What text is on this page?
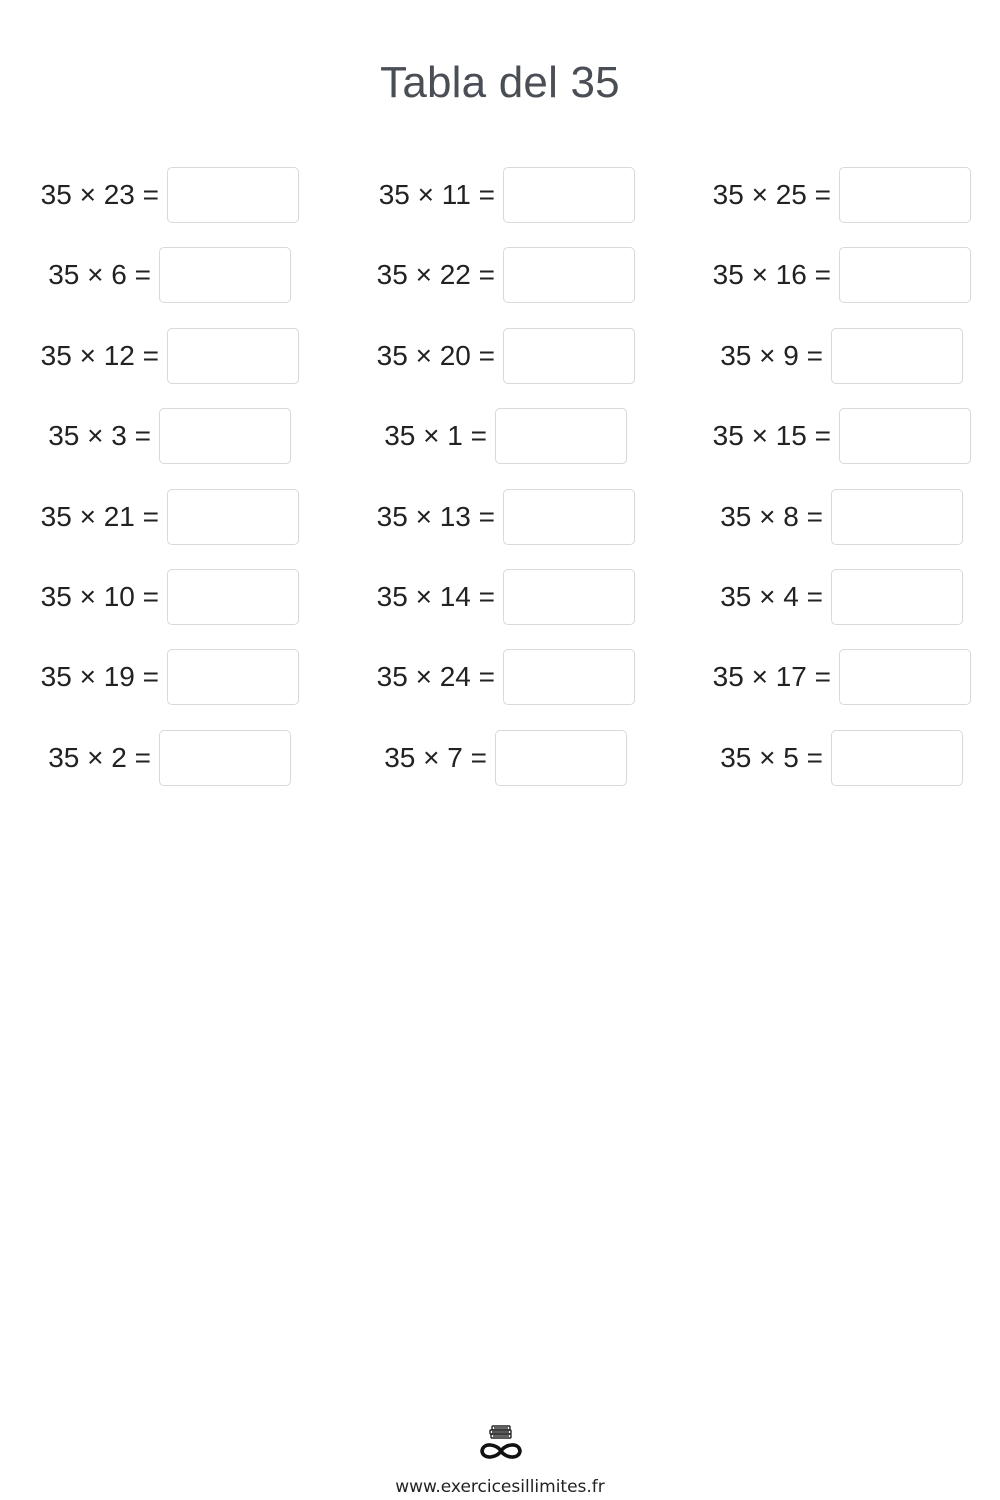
Tabla del 35
35 × 23 =	35 × 11 =	35 × 25 =
35 × 6 =	35 × 22 =	35 × 16 =
35 × 12 =	35 × 20 =	35 × 9 =
35 × 3 =	35 × 1 =	35 × 15 =
35 × 21 =	35 × 13 =	35 × 8 =
35 × 10 =	35 × 14 =	35 × 4 =
35 × 19 =	35 × 24 =	35 × 17 =
35 × 2 =	35 × 7 =	35 × 5 =
www.exercicesillimites.fr
